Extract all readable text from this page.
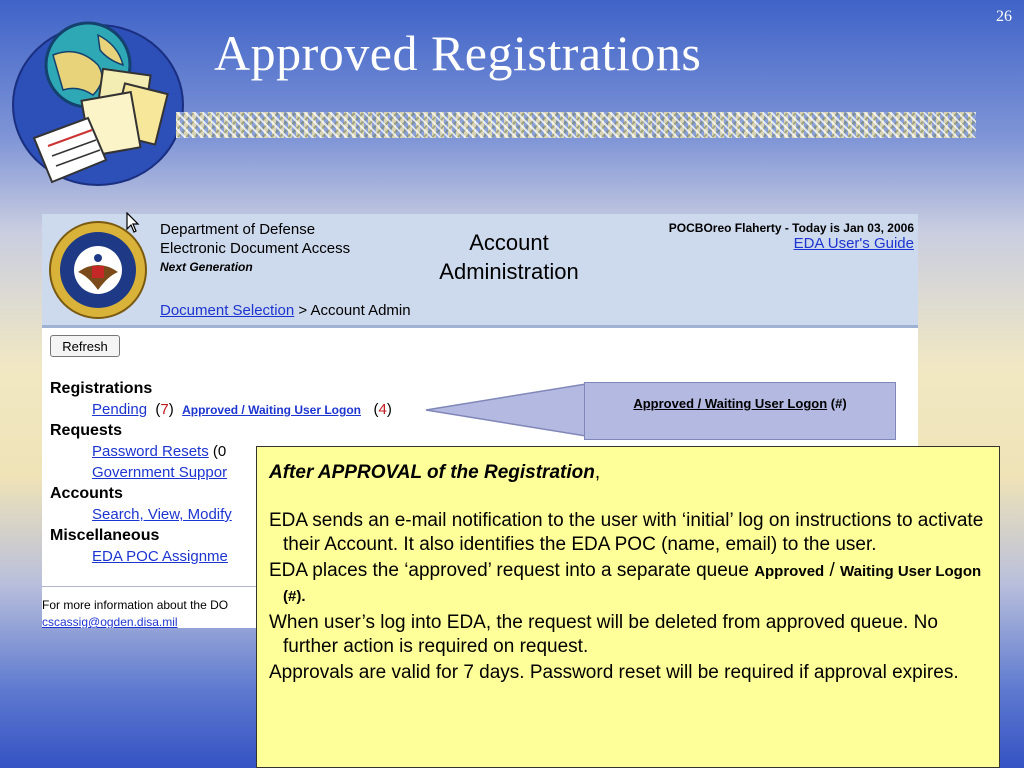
26
Approved Registrations
Department of Defense
Electronic Document Access
Next Generation
Account
Administration
POCBOreo Flaherty - Today is Jan 03, 2006
EDA User's Guide
Document Selection > Account Admin
Refresh
Registrations
Pending  (7)  Approved / Waiting User Logon   (4)
Requests
Password Resets (0
Government Suppor
Accounts
Search, View, Modify
Miscellaneous
EDA POC Assignme
For more information about the DO
cscassig@ogden.disa.mil
Approved / Waiting User Logon (#)
After APPROVAL of the Registration,

EDA sends an e-mail notification to the user with ‘initial’ log on instructions to activate their Account. It also identifies the EDA POC (name, email) to the user.

EDA places the ‘approved’ request into a separate queue Approved / Waiting User Logon (#).

When user’s log into EDA, the request will be deleted from approved queue. No further action is required on request.

Approvals are valid for 7 days. Password reset will be required if approval expires.
